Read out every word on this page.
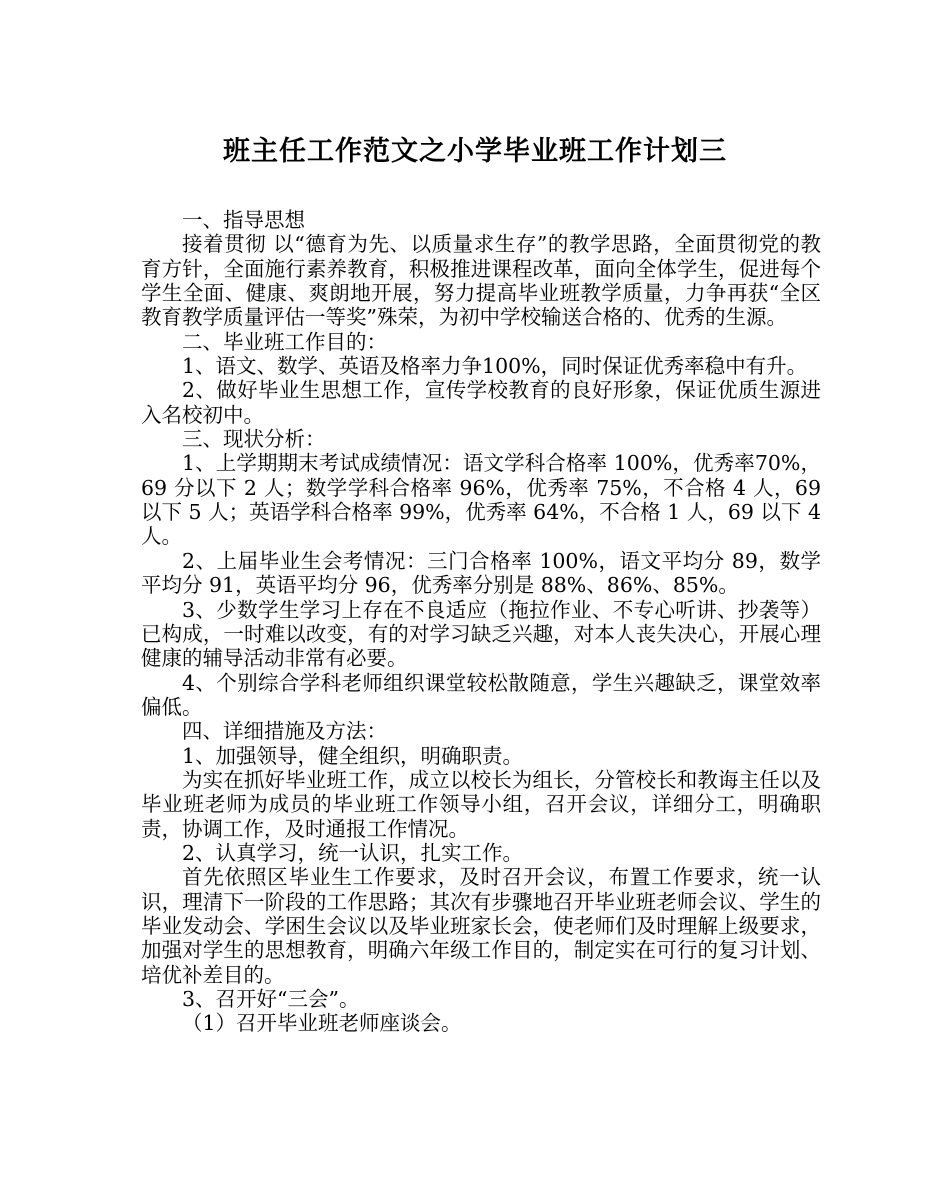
班主任工作范文之小学毕业班工作计划三

一、指导思想

接着贯彻 以“德育为先、以质量求生存”的教学思路，全面贯彻党的教育方针，全面施行素养教育，积极推进课程改革，面向全体学生，促进每个学生全面、健康、爽朗地开展，努力提高毕业班教学质量，力争再获“全区教育教学质量评估一等奖”殊荣，为初中学校输送合格的、优秀的生源。

二、毕业班工作目的：

1、语文、数学、英语及格率力争100%，同时保证优秀率稳中有升。

2、做好毕业生思想工作，宣传学校教育的良好形象，保证优质生源进入名校初中。

三、现状分析：

1、上学期期末考试成绩情况：语文学科合格率 100%，优秀率70%，69 分以下 2 人；数学学科合格率 96%，优秀率 75%，不合格 4 人，69 以下 5 人；英语学科合格率 99%，优秀率 64%，不合格 1 人，69 以下 4 人。

2、上届毕业生会考情况：三门合格率 100%，语文平均分 89，数学平均分 91，英语平均分 96，优秀率分别是 88%、86%、85%。

3、少数学生学习上存在不良适应（拖拉作业、不专心听讲、抄袭等）已构成，一时难以改变，有的对学习缺乏兴趣，对本人丧失决心，开展心理健康的辅导活动非常有必要。

4、个别综合学科老师组织课堂较松散随意，学生兴趣缺乏，课堂效率偏低。

四、详细措施及方法：

1、加强领导，健全组织，明确职责。

为实在抓好毕业班工作，成立以校长为组长，分管校长和教诲主任以及毕业班老师为成员的毕业班工作领导小组，召开会议，详细分工，明确职责，协调工作，及时通报工作情况。

2、认真学习，统一认识，扎实工作。

首先依照区毕业生工作要求，及时召开会议，布置工作要求，统一认识，理清下一阶段的工作思路；其次有步骤地召开毕业班老师会议、学生的毕业发动会、学困生会议以及毕业班家长会，使老师们及时理解上级要求，加强对学生的思想教育，明确六年级工作目的，制定实在可行的复习计划、培优补差目的。

3、召开好“三会”。

（1）召开毕业班老师座谈会。
